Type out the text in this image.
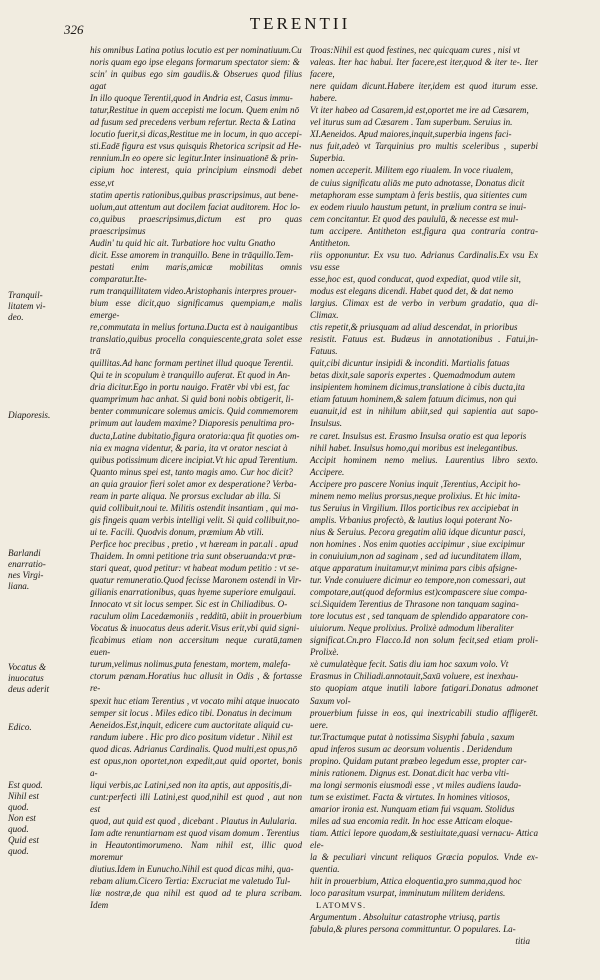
326	TERENTII
Tranquil-
litatem vi-
deo.
Diaporesis.
Barlandi
enarratio-
nes Virgi-
liana.
Vocatus &
inuocatus
deus aderit
Edico.
Est quod.
Nihil est
quod.
Non est
quod.
Quid est
quod.

his omnibus Latina potius locutio est per nominatiuum.Cu

noris quam ego ipse elegans formarum spectator siem: &

scin' in quibus ego sim gaudiis.& Obserues quod filius agat

In illo quoque Terentii,quod in Andria est, Casus immu-

tatur,Restitue in quem accepisti me locum. Quem enim nō

ad fusum sed precedens verbum refertur. Recta & Latina

locutio fuerit,si dicas,Restitue me in locum, in quo accepi-

sti.Eadē figura est vsus quisquis Rhetorica scripsit ad He-

rennium.In eo opere sic legitur.Inter insinuationē & prin-

cipium hoc interest, quia principium einsmodi debet esse,vt

statim apertis rationibus,quibus prascripsimus, aut bene-

uolum,aut attentum aut docilem faciat auditorem. Hoc lo-

co,quibus praescripsimus,dictum est pro quas praescripsimus

Audin' tu quid hic ait. Turbatiore hoc vultu Gnatho

dicit. Esse amorem in tranquillo. Bene in trāquillo.Tem-

pestati enim maris,amicæ mobilitas omnis comparatur.Ite-

rum tranquillitatem video.Aristophanis interpres prouer-

bium esse dicit,quo significamus quempiam,e malis emerge-

re,commutata in melius fortuna.Ducta est à nauigantibus

translatio,quibus procella conquiescente,grata solet esse trā

quillitas.Ad hanc formam pertinet illud quoque Terentii.

Qui te in scopulum è tranquillo auferat. Et quod in An-

dria dicitur.Ego in portu nauigo. Fratēr vbi vbi est, fac

quamprimum hac anhat. Si quid boni nobis obtigerit, li-

benter communicare solemus amicis. Quid commemorem

primum aut laudem maxime? Diaporesis penultima pro-

ducta,Latine dubitatio,figura oratoria:qua fit quoties om-

nia ex magna videntur, & paria, ita vt orator nesciat à

quibus potissimum dicere incipiat.Vt hic apud Terentium.

Quanto minus spei est, tanto magis amo. Cur hoc dicit?

an quia grauior fieri solet amor ex desperatione? Verba-

ream in parte aliqua. Ne prorsus excludar ab illa. Si

quid collibuit,noui te. Militis ostendit insantiam , qui ma-

gis fingeis quam verbis intelligi velit. Si quid collibuit,no-

ui te. Facili. Quodvis donum, præmium Ab vtili.

Perfice hoc precibus , pretio , vt hæream in par.ali . apud

Thaidem. In omni petitione tria sunt obseruanda:vt præ-

stari queat, quod petitur: vt habeat modum petitio : vt se-

quatur remuneratio.Quod fecisse Maronem ostendi in Vir-

gilianis enarrationibus, quas hyeme superiore emulgaui.

Innocato vt sit locus semper. Sic est in Chiliadibus. O-

raculum olim Lacedæmoniis , redditū, abiit in prouerbium

Vocatus & inuocatus deus aderit.Visus erit,vbi quid signi-

ficabimus etiam non accersitum neque curatū,tamen euen-

turum,velimus nolimus,puta fenestam, mortem, malefa-

ctorum pænam.Horatius huc allusit in Odis , & fortasse re-

spexit huc etiam Terentius , vt vocato mihi atque inuocato

semper sit locus . Miles edico tibi. Donatus in decimum

Aeneidos.Est,inquit, edicere cum auctoritate aliquid cu-

randum iubere . Hic pro dico positum videtur . Nihil est

quod dicas. Adrianus Cardinalis. Quod multi,est opus,nō

est opus,non oportet,non expedit,aut quid oportet, bonis a-

liqui verbis,ac Latini,sed non ita aptis, aut appositis,di-

cunt:perfecti illi Latini,est quod,nihil est quod , aut non est

quod, aut quid est quod , dicebant . Plautus in Aulularia.

Iam adte renuntiarnam est quod visam domum . Terentius

in Heautontimorumeno. Nam nihil est, illic quod moremur

diutius.Idem in Eunucho.Nihil est quod dicas mihi, qua-

rebam alium.Cicero Tertia: Excruciat me valetudo Tul-

liæ nostræ,de qua nihil est quod ad te plura scribam. Idem

Troas:Nihil est quod festines, nec quicquam cures , nisi vt

valeas. Iter hac habui. Iter facere,est iter,quod & iter te-. Iter facere,

nere quidam dicunt.Habere iter,idem est quod iturum esse. habere.

Vt iter habeo ad Casarem,id est,oportet me ire ad Cæsarem,

vel iturus sum ad Cæsarem . Tam superbum. Seruius in.

XI.Aeneidos. Apud maiores,inquit,superbia ingens faci-

nus fuit,adeò vt Tarquinius pro multis sceleribus , superbi Superbia.

nomen acceperit. Militem ego riualem. In voce riualem,

de cuius significatu aliās me puto adnotasse, Donatus dicit

metaphoram esse sumptam à feris bestiis, qua sitientes cum

ex eodem riuulo haustum petunt, in prælium contra se inui-

cem concitantur. Et quod des paululū, & necesse est mul-

tum accipere. Antitheton est,figura qua contraria contra- Antitheton.

riis opponuntur. Ex vsu tuo. Adrianus Cardinalis.Ex vsu Ex vsu esse

esse,hoc est, quod conducat, quod expediat, quod vtile sit,

modus est elegans dicendi. Habet quod det, & dat nemo

largius. Climax est de verbo in verbum gradatio, qua di- Climax.

ctis repetit,& priusquam ad aliud descendat, in prioribus

resistit. Fatuus est. Budæus in annotationibus . Fatui,in- Fatuus.

quit,cibi dicuntur insipidi & inconditi. Martialis fatuas

betas dixit,sale saporis expertes . Quemadmodum autem

insipientem hominem dicimus,translatione à cibis ducta,ita

etiam fatuum hominem,& salem fatuum dicimus, non qui

euanuit,id est in nihilum abiit,sed qui sapientia aut sapo- Insulsus.

re caret. Insulsus est. Erasmo Insulsa oratio est qua leporis

nihil habet. Insulsus homo,qui moribus est inelegantibus.

Accipit hominem nemo melius. Laurentius libro sexto. Accipere.

Accipere pro pascere Nonius inquit ,Terentius, Accipit ho-

minem nemo melius prorsus,neque prolixius. Et hic imita-

tus Seruius in Virgilium. Illos porticibus rex accipiebat in

amplis. Vrbanius profectò, & lautius loqui poterant No-

nius & Seruius. Pecora gregatim aliū idque dicuntur pasci,

non homines . Nos enim quoties accipimur , siue excipimur

in conuiuium,non ad saginam , sed ad iucunditatem illam,

atque apparatum inuitamur,vt minima pars cibis afsigne-

tur. Vnde conuiuere dicimur eo tempore,non comessari, aut

compotare,aut(quod deformius est)compascere siue compa-

sci.Siquidem Terentius de Thrasone non tanquam sagina-

tore locutus est , sed tanquam de splendido apparatore con-

uiuiorum. Neque prolixius. Prolixè admodum liberaliter

significat.Cn.pro Flacco.Id non solum fecit,sed etiam proli- Prolixè.

xè cumulatèque fecit. Satis diu iam hoc saxum volo. Vt

Erasmus in Chiliadi.annotauit,Saxū voluere, est inexhau-

sto quopiam atque inutili labore fatigari.Donatus admonet Saxum vol-

prouerbium fuisse in eos, qui inextricabili studio affligerēt. uere.

tur.Tractumque putat à notissima Sisyphi fabula , saxum

apud inferos susum ac deorsum voluentis . Deridendum

propino. Quidam putant præbeo legedum esse, propter car-

minis rationem. Dignus est. Donat.dicit hac verba vlti-

ma longi sermonis eiusmodi esse , vt miles audiens lauda-

tum se existimet. Facta & virtutes. In homines vitiosos,

amarior ironia est. Nunquam etiam fui vsquam. Stolidus

miles ad sua encomia redit. In hoc esse Atticam eloque-

tiam. Attici lepore quodam,& sestiuitate,quasi vernacu- Attica ele-

la & peculiari vincunt reliquos Græcia populos. Vnde ex- quentia.

hiit in prouerbium, Attica eloquentia,pro summa,quod hoc

loco parasitum vsurpat, imminutum militem deridens.

LATOMVS.

Argumentum . Absoluitur catastrophe vtriusq, partis

fabula,& plures persona committuntur. O populares. La-

titia
